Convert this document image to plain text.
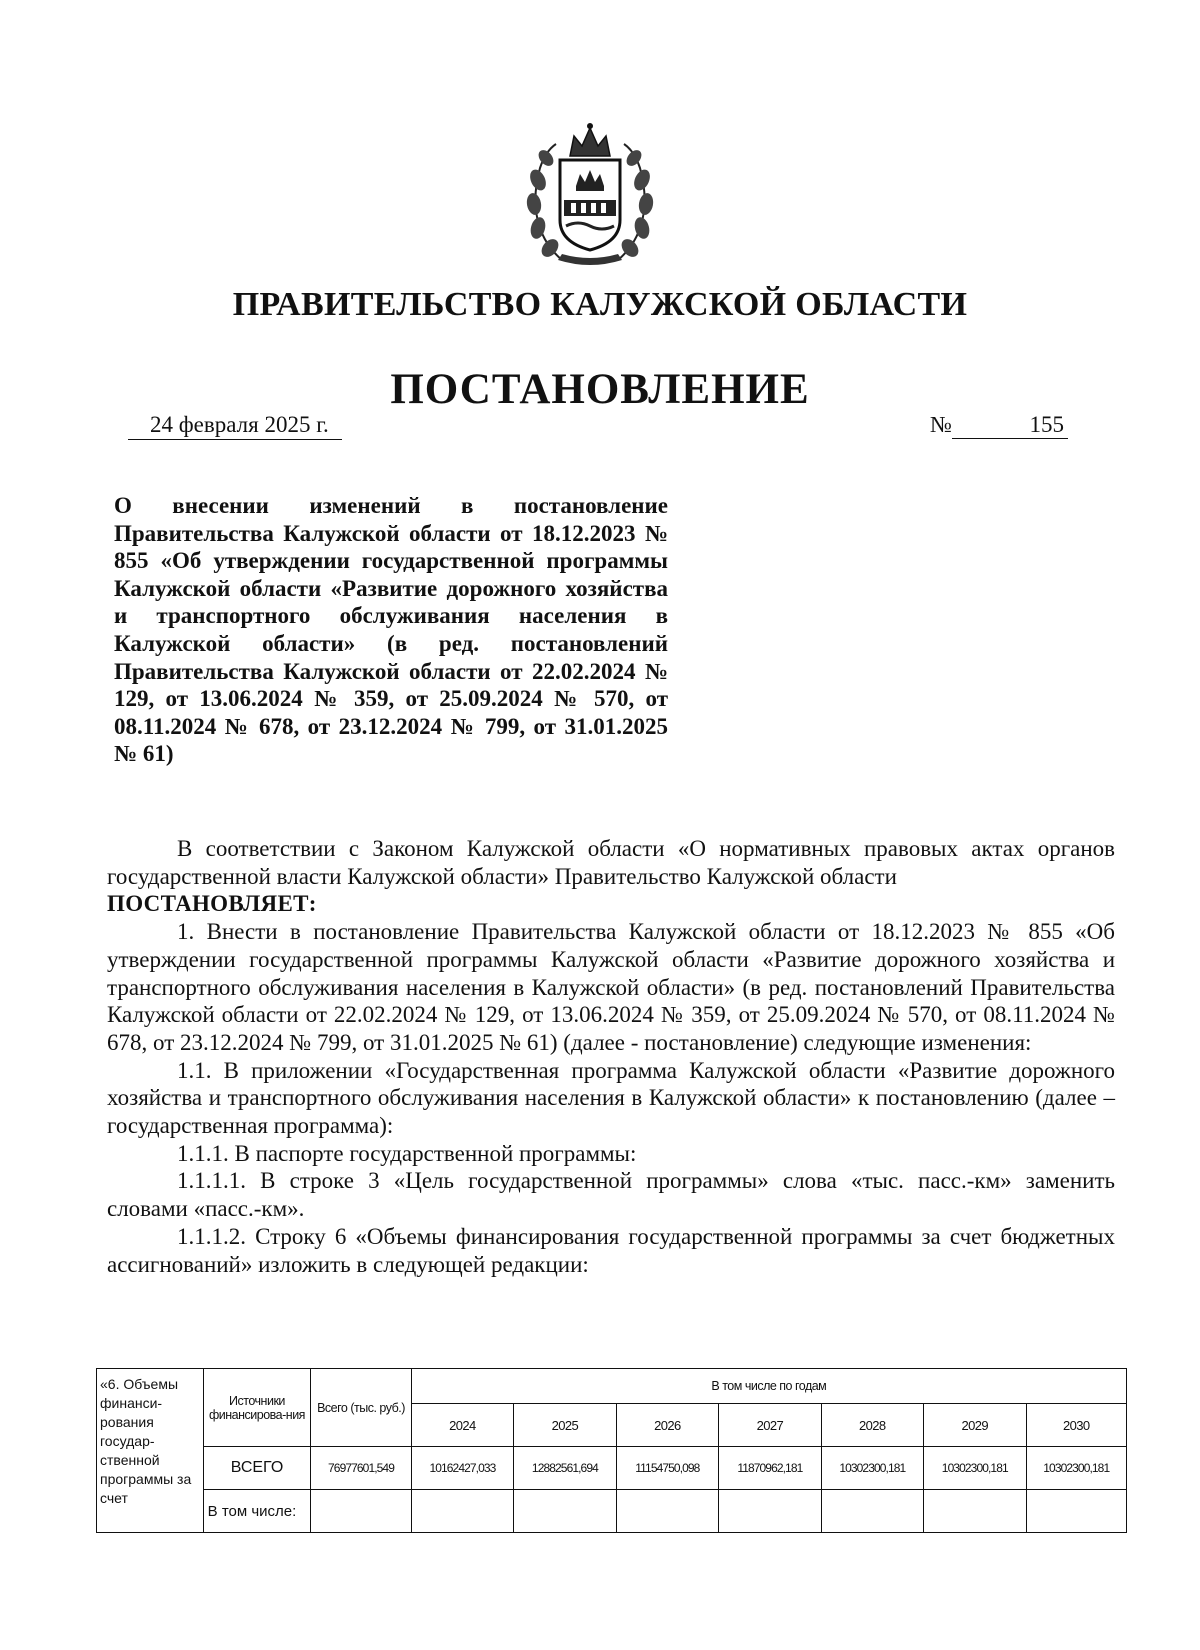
ПРАВИТЕЛЬСТВО КАЛУЖСКОЙ ОБЛАСТИ
ПОСТАНОВЛЕНИЕ
24 февраля 2025 г.	№	155
О внесении изменений в постановление Правительства Калужской области от 18.12.2023 № 855 «Об утверждении государственной программы Калужской области «Развитие дорожного хозяйства и транспортного обслуживания населения в Калужской области» (в ред. постановлений Правительства Калужской области от 22.02.2024 № 129, от 13.06.2024 № 359, от 25.09.2024 № 570, от 08.11.2024 № 678, от 23.12.2024 № 799, от 31.01.2025 № 61)

В соответствии с Законом Калужской области «О нормативных правовых актах органов государственной власти Калужской области» Правительство Калужской области
ПОСТАНОВЛЯЕТ:

1. Внести в постановление Правительства Калужской области от 18.12.2023 № 855 «Об утверждении государственной программы Калужской области «Развитие дорожного хозяйства и транспортного обслуживания населения в Калужской области» (в ред. постановлений Правительства Калужской области от 22.02.2024 № 129, от 13.06.2024 № 359, от 25.09.2024 № 570, от 08.11.2024 № 678, от 23.12.2024 № 799, от 31.01.2025 № 61) (далее - постановление) следующие изменения:

1.1. В приложении «Государственная программа Калужской области «Развитие дорожного хозяйства и транспортного обслуживания населения в Калужской области» к постановлению (далее – государственная программа):

1.1.1. В паспорте государственной программы:

1.1.1.1. В строке 3 «Цель государственной программы» слова «тыс. пасс.-км» заменить словами «пасс.-км».

1.1.1.2. Строку 6 «Объемы финансирования государственной программы за счет бюджетных ассигнований» изложить в следующей редакции:

«6. Объемы финанси-рования государ-ственной программы за счет	Источники финансирова-ния	Всего (тыс. руб.)	В том числе по годам						
			2024	2025	2026	2027	2028	2029	2030
	ВСЕГО	76977601,549	10162427,033	12882561,694	11154750,098	11870962,181	10302300,181	10302300,181	10302300,181
	В том числе:								
